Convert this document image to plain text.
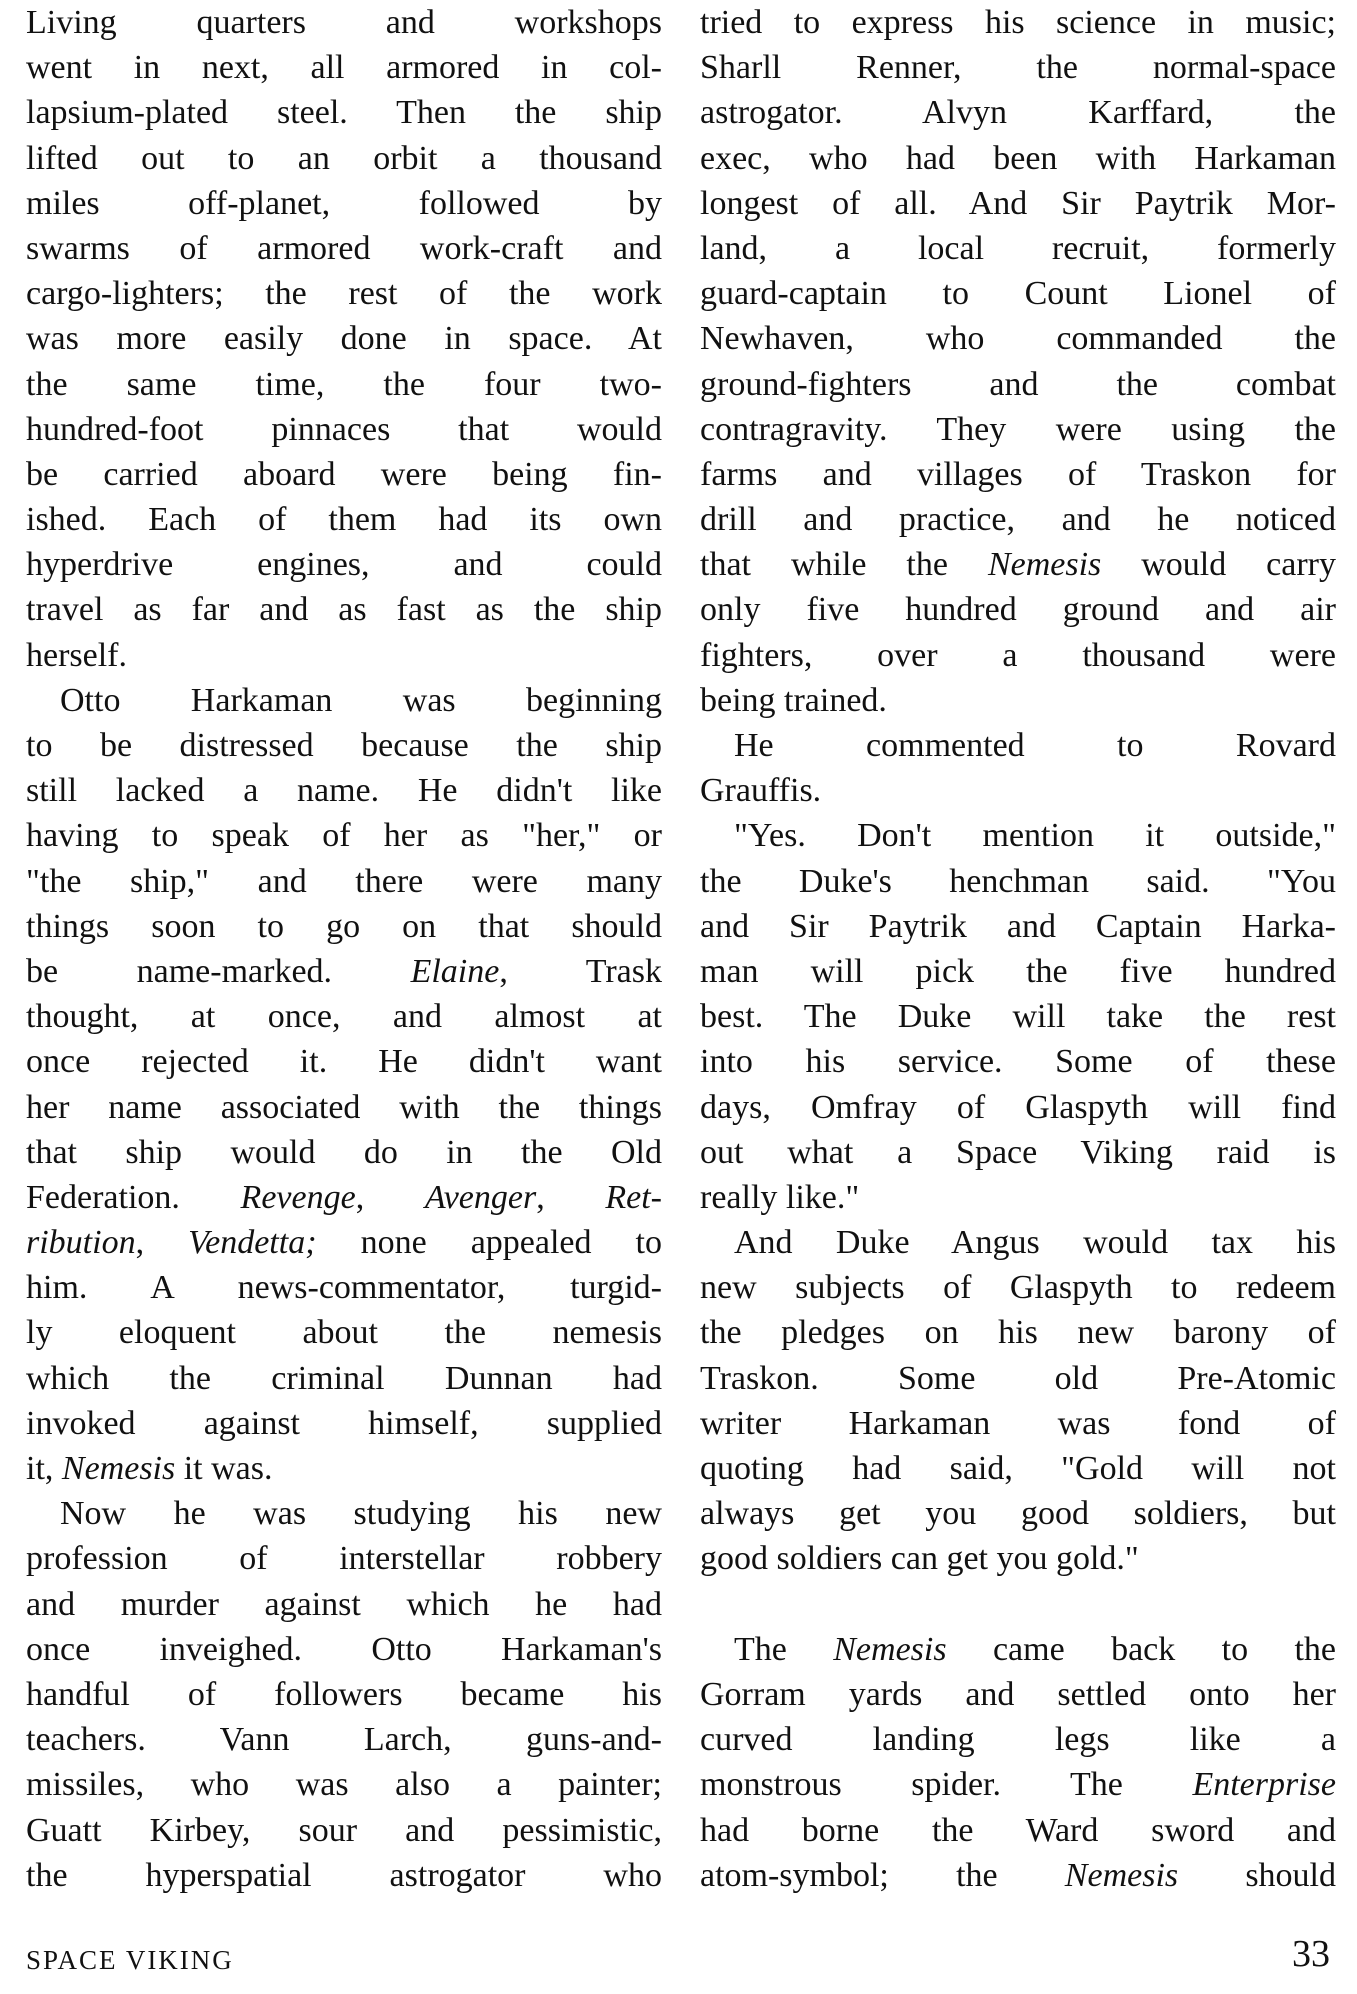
Living quarters and workshops
went in next, all armored in col-
lapsium-plated steel. Then the ship
lifted out to an orbit a thousand
miles off-planet, followed by
swarms of armored work-craft and
cargo-lighters; the rest of the work
was more easily done in space. At
the same time, the four two-
hundred-foot pinnaces that would
be carried aboard were being fin-
ished. Each of them had its own
hyperdrive engines, and could
travel as far and as fast as the ship
herself.
Otto Harkaman was beginning
to be distressed because the ship
still lacked a name. He didn't like
having to speak of her as "her," or
"the ship," and there were many
things soon to go on that should
be name-marked. Elaine, Trask
thought, at once, and almost at
once rejected it. He didn't want
her name associated with the things
that ship would do in the Old
Federation. Revenge, Avenger, Ret-
ribution, Vendetta; none appealed to
him. A news-commentator, turgid-
ly eloquent about the nemesis
which the criminal Dunnan had
invoked against himself, supplied
it, Nemesis it was.
Now he was studying his new
profession of interstellar robbery
and murder against which he had
once inveighed. Otto Harkaman's
handful of followers became his
teachers. Vann Larch, guns-and-
missiles, who was also a painter;
Guatt Kirbey, sour and pessimistic,
the hyperspatial astrogator who
tried to express his science in music;
Sharll Renner, the normal-space
astrogator. Alvyn Karffard, the
exec, who had been with Harkaman
longest of all. And Sir Paytrik Mor-
land, a local recruit, formerly
guard-captain to Count Lionel of
Newhaven, who commanded the
ground-fighters and the combat
contragravity. They were using the
farms and villages of Traskon for
drill and practice, and he noticed
that while the Nemesis would carry
only five hundred ground and air
fighters, over a thousand were
being trained.
He commented to Rovard
Grauffis.
"Yes. Don't mention it outside,"
the Duke's henchman said. "You
and Sir Paytrik and Captain Harka-
man will pick the five hundred
best. The Duke will take the rest
into his service. Some of these
days, Omfray of Glaspyth will find
out what a Space Viking raid is
really like."
And Duke Angus would tax his
new subjects of Glaspyth to redeem
the pledges on his new barony of
Traskon. Some old Pre-Atomic
writer Harkaman was fond of
quoting had said, "Gold will not
always get you good soldiers, but
good soldiers can get you gold."
The Nemesis came back to the
Gorram yards and settled onto her
curved landing legs like a
monstrous spider. The Enterprise
had borne the Ward sword and
atom-symbol; the Nemesis should
SPACE VIKING	33
